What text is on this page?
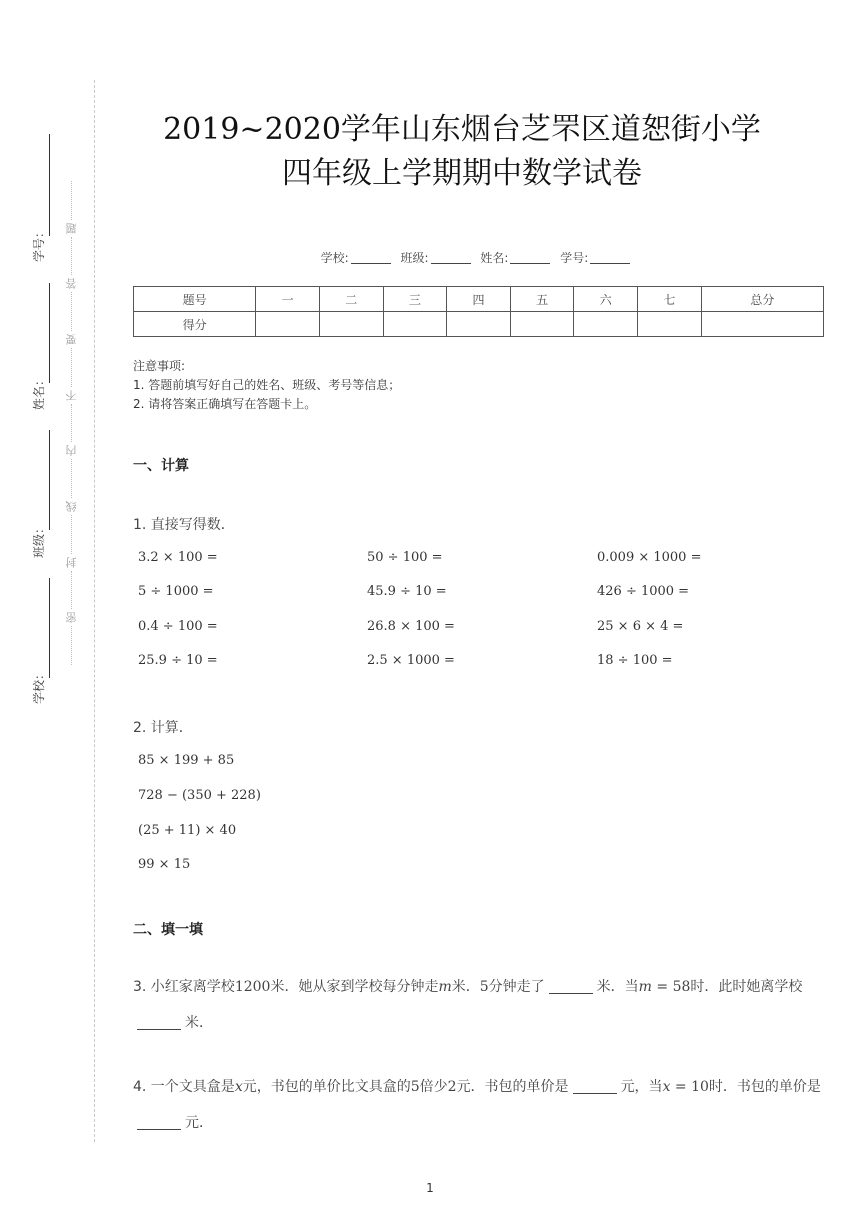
题
答
要
不
内
线
封
密
学号：
姓名：
班级：
学校：
2019~2020学年山东烟台芝罘区道恕街小学
四年级上学期期中数学试卷
学校:	班级:	姓名:	学号:
题号	一	二	三	四	五	六	七	总分
得分								
注意事项:
1. 答题前填写好自己的姓名、班级、考号等信息；
2. 请将答案正确填写在答题卡上。
一、计算
1. 直接写得数．
3.2 × 100 =	50 ÷ 100 =	0.009 × 1000 =
5 ÷ 1000 =	45.9 ÷ 10 =	426 ÷ 1000 =
0.4 ÷ 100 =	26.8 × 100 =	25 × 6 × 4 =
25.9 ÷ 10 =	2.5 × 1000 =	18 ÷ 100 =
2. 计算．
85 × 199 + 85
728 − (350 + 228)
(25 + 11) × 40
99 × 15
二、填一填
3. 小红家离学校1200米．她从家到学校每分钟走m米．5分钟走了	米．当m = 58时．此时她离学校米．
4. 一个文具盒是x元，书包的单价比文具盒的5倍少2元．书包的单价是	元，当x = 10时．书包的单价是元．
1
